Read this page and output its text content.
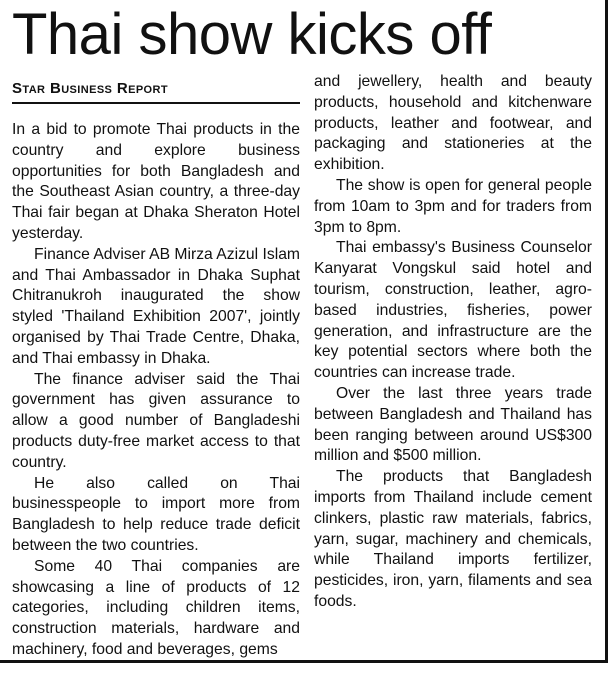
Thai show kicks off
Star Business Report

In a bid to promote Thai products in the country and explore business opportunities for both Bangladesh and the Southeast Asian country, a three-day Thai fair began at Dhaka Sheraton Hotel yesterday.

Finance Adviser AB Mirza Azizul Islam and Thai Ambassador in Dhaka Suphat Chitranukroh inaugurated the show styled 'Thailand Exhibition 2007', jointly organised by Thai Trade Centre, Dhaka, and Thai embassy in Dhaka.

The finance adviser said the Thai government has given assurance to allow a good number of Bangladeshi products duty-free market access to that country.

He also called on Thai businesspeople to import more from Bangladesh to help reduce trade deficit between the two countries.

Some 40 Thai companies are showcasing a line of products of 12 categories, including children items, construction materials, hardware and machinery, food and beverages, gems

and jewellery, health and beauty products, household and kitchenware products, leather and footwear, and packaging and stationeries at the exhibition.

The show is open for general people from 10am to 3pm and for traders from 3pm to 8pm.

Thai embassy's Business Counselor Kanyarat Vongskul said hotel and tourism, construction, leather, agro-based industries, fisheries, power generation, and infrastructure are the key potential sectors where both the countries can increase trade.

Over the last three years trade between Bangladesh and Thailand has been ranging between around US$300 million and $500 million.

The products that Bangladesh imports from Thailand include cement clinkers, plastic raw materials, fabrics, yarn, sugar, machinery and chemicals, while Thailand imports fertilizer, pesticides, iron, yarn, filaments and sea foods.
